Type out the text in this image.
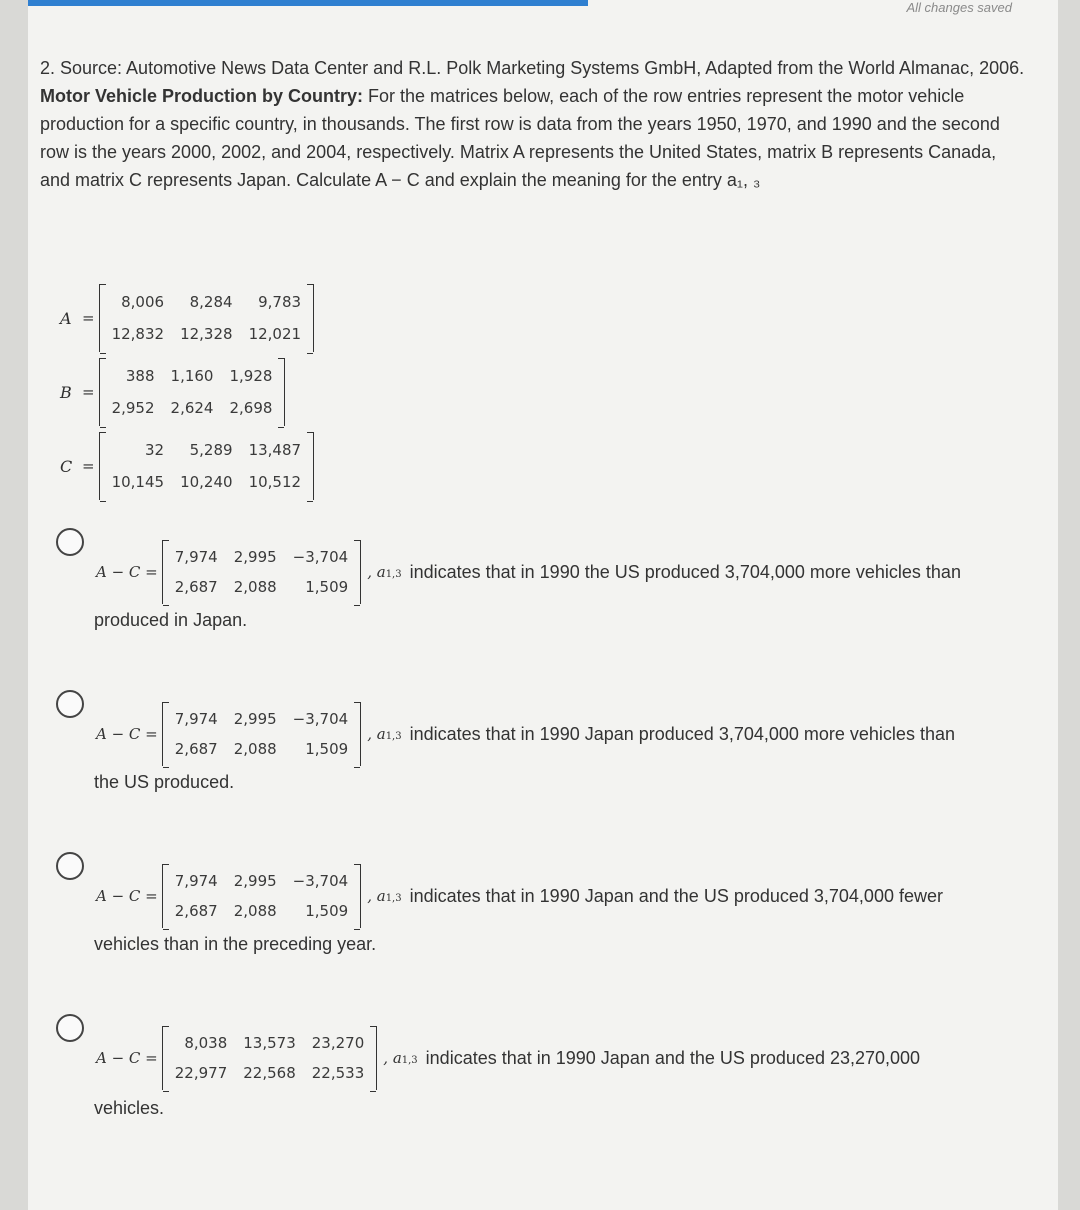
All changes saved
2. Source: Automotive News Data Center and R.L. Polk Marketing Systems GmbH, Adapted from the World Almanac, 2006.
Motor Vehicle Production by Country: For the matrices below, each of the row entries represent the motor vehicle production for a specific country, in thousands. The first row is data from the years 1950, 1970, and 1990 and the second row is the years 2000, 2002, and 2004, respectively. Matrix A represents the United States, matrix B represents Canada, and matrix C represents Japan. Calculate A − C and explain the meaning for the entry a₁, ₃
A =
8,006	8,284	9,783
12,832	12,328	12,021
B =
388	1,160	1,928
2,952	2,624	2,698
C =
32	5,289	13,487
10,145	10,240	10,512
A − C =
7,974	2,995	−3,704
2,687	2,088	1,509
, a1,3 indicates that in 1990 the US produced 3,704,000 more vehicles than
produced in Japan.
A − C =
7,974	2,995	−3,704
2,687	2,088	1,509
, a1,3 indicates that in 1990 Japan produced 3,704,000 more vehicles than
the US produced.
A − C =
7,974	2,995	−3,704
2,687	2,088	1,509
, a1,3 indicates that in 1990 Japan and the US produced 3,704,000 fewer
vehicles than in the preceding year.
A − C =
8,038	13,573	23,270
22,977	22,568	22,533
, a1,3 indicates that in 1990 Japan and the US produced 23,270,000
vehicles.
